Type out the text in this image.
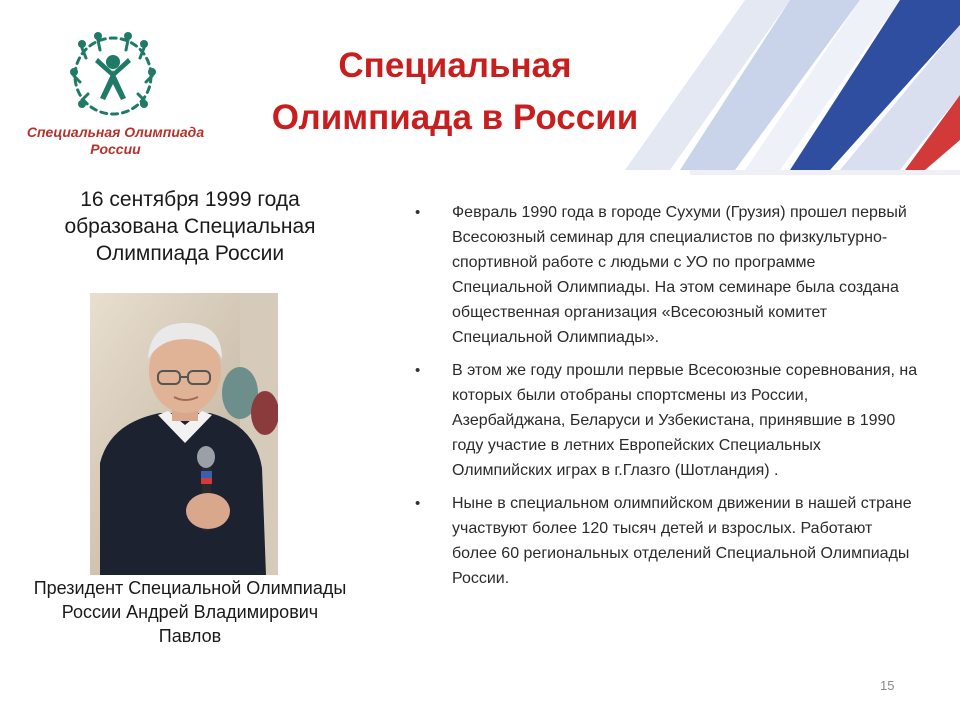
Специальная Олимпиада
России
Специальная
Олимпиада в России
16 сентября 1999 года образована Специальная Олимпиада России
Президент Специальной Олимпиады России Андрей Владимирович Павлов
• Февраль 1990 года в городе Сухуми (Грузия) прошел первый Всесоюзный семинар для специалистов по физкультурно-спортивной работе с людьми с УО по программе Специальной Олимпиады. На этом семинаре была создана общественная организация «Всесоюзный комитет Специальной Олимпиады».
• В этом же году прошли первые Всесоюзные соревнования, на которых были отобраны спортсмены из России, Азербайджана, Беларуси и Узбекистана, принявшие в 1990 году участие в летних Европейских Специальных Олимпийских играх в г.Глазго (Шотландия) .
• Ныне в специальном олимпийском движении в нашей стране участвуют более 120 тысяч детей и взрослых. Работают более 60 региональных отделений Специальной Олимпиады России.
15
